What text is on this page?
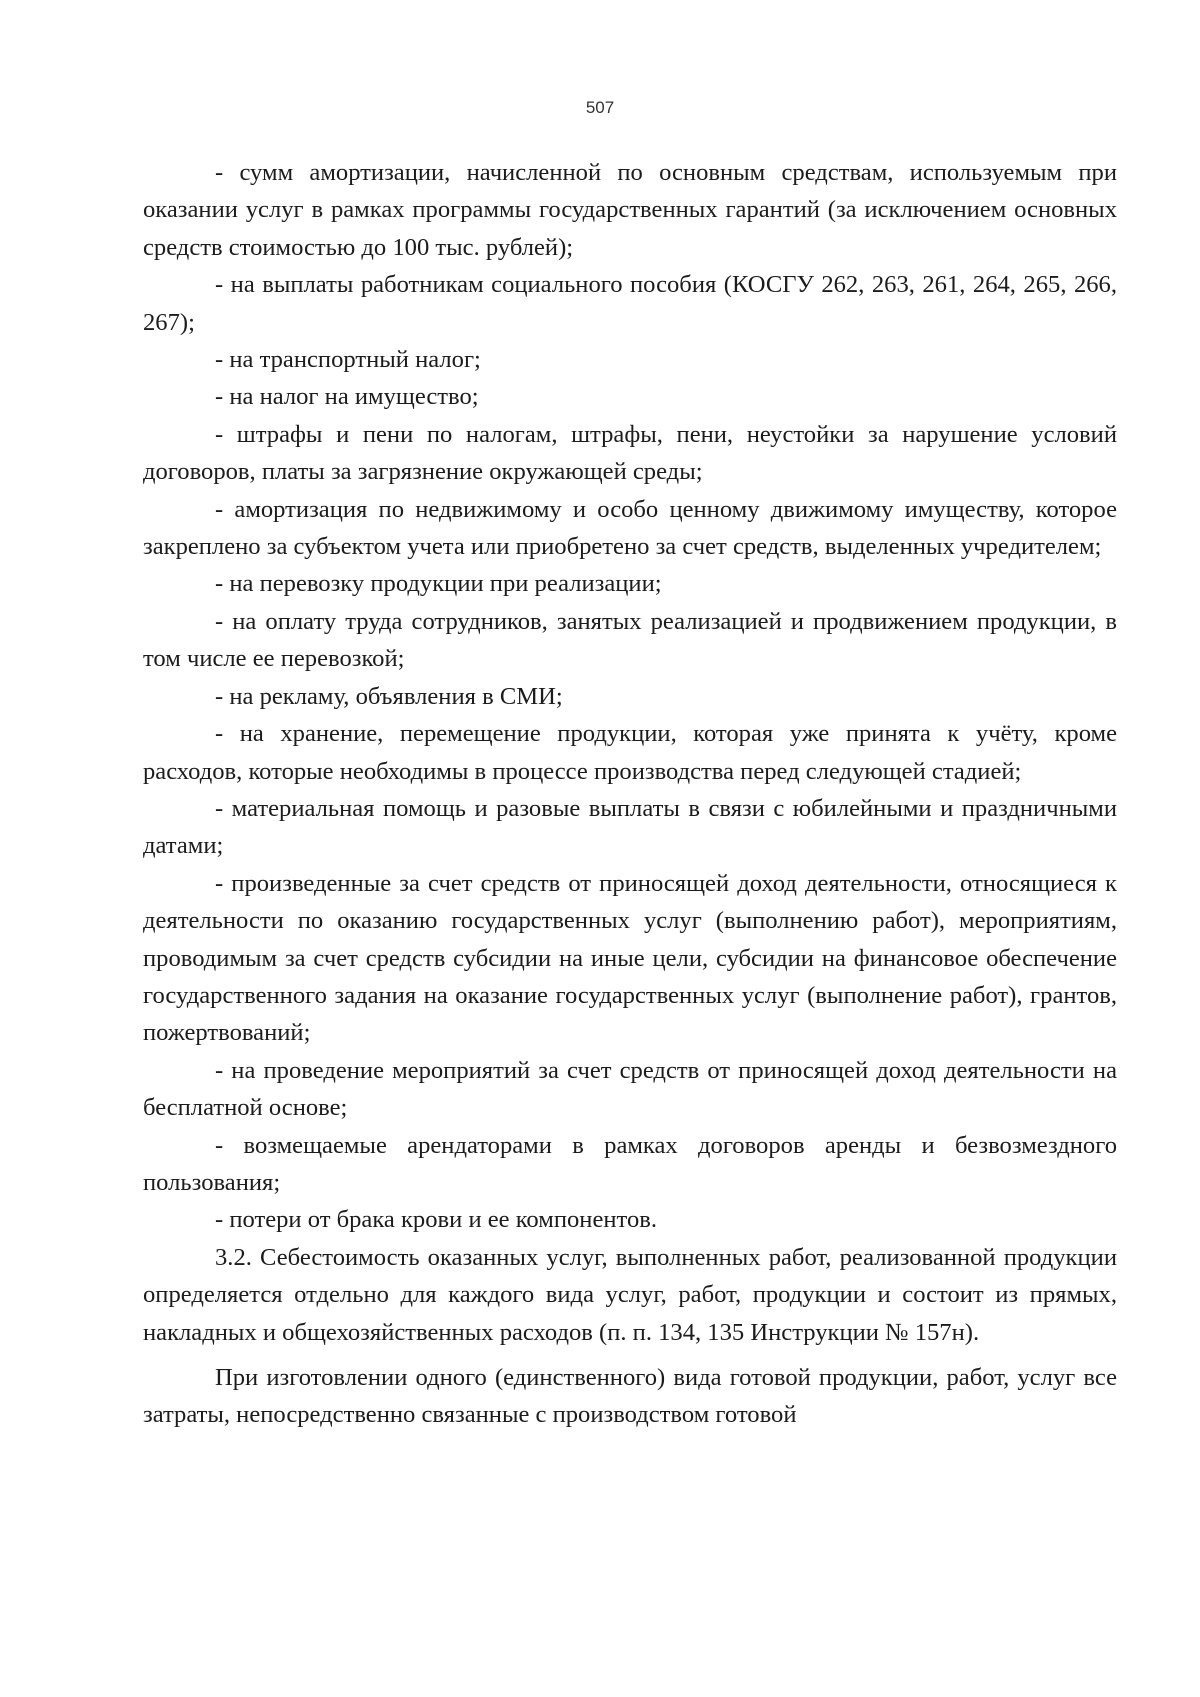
507

- сумм амортизации, начисленной по основным средствам, используемым при оказании услуг в рамках программы государственных гарантий (за исключением основных средств стоимостью до 100 тыс. рублей);

- на выплаты работникам социального пособия (КОСГУ 262, 263, 261, 264, 265, 266, 267);

- на транспортный налог;

- на налог на имущество;

- штрафы и пени по налогам, штрафы, пени, неустойки за нарушение условий договоров, платы за загрязнение окружающей среды;

- амортизация по недвижимому и особо ценному движимому имуществу, которое закреплено за субъектом учета или приобретено за счет средств, выделенных учредителем;

- на перевозку продукции при реализации;

- на оплату труда сотрудников, занятых реализацией и продвижением продукции, в том числе ее перевозкой;

- на рекламу, объявления в СМИ;

- на хранение, перемещение продукции, которая уже принята к учёту, кроме расходов, которые необходимы в процессе производства перед следующей стадией;

- материальная помощь и разовые выплаты в связи с юбилейными и праздничными датами;

- произведенные за счет средств от приносящей доход деятельности, относящиеся к деятельности по оказанию государственных услуг (выполнению работ), мероприятиям, проводимым за счет средств субсидии на иные цели, субсидии на финансовое обеспечение государственного задания на оказание государственных услуг (выполнение работ), грантов, пожертвований;

- на проведение мероприятий за счет средств от приносящей доход деятельности на бесплатной основе;

- возмещаемые арендаторами в рамках договоров аренды и безвозмездного пользования;

- потери от брака крови и ее компонентов.

3.2. Себестоимость оказанных услуг, выполненных работ, реализованной продукции определяется отдельно для каждого вида услуг, работ, продукции и состоит из прямых, накладных и общехозяйственных расходов (п. п. 134, 135 Инструкции № 157н).

При изготовлении одного (единственного) вида готовой продукции, работ, услуг все затраты, непосредственно связанные с производством готовой
